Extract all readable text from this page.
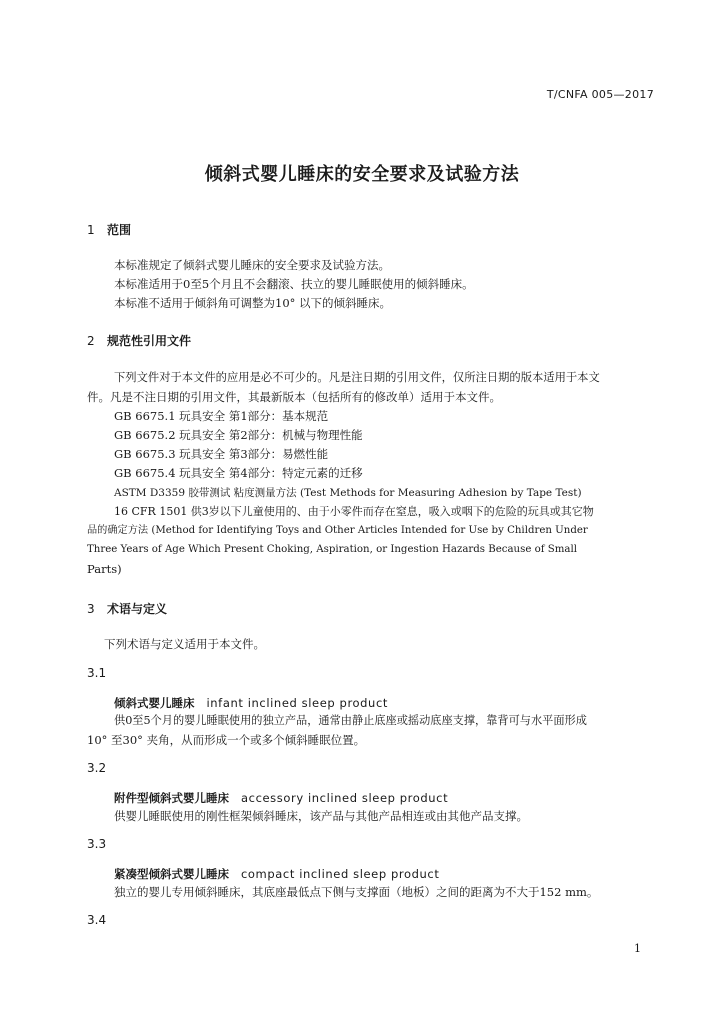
T/CNFA 005—2017
倾斜式婴儿睡床的安全要求及试验方法
1 范围
本标准规定了倾斜式婴儿睡床的安全要求及试验方法。
本标准适用于0至5个月且不会翻滚、扶立的婴儿睡眠使用的倾斜睡床。
本标准不适用于倾斜角可调整为10° 以下的倾斜睡床。
2 规范性引用文件
下列文件对于本文件的应用是必不可少的。凡是注日期的引用文件，仅所注日期的版本适用于本文
件。凡是不注日期的引用文件，其最新版本（包括所有的修改单）适用于本文件。
GB 6675.1 玩具安全 第1部分：基本规范
GB 6675.2 玩具安全 第2部分：机械与物理性能
GB 6675.3 玩具安全 第3部分：易燃性能
GB 6675.4 玩具安全 第4部分：特定元素的迁移
ASTM D3359 胶带测试 粘度测量方法 (Test Methods for Measuring Adhesion by Tape Test)
16 CFR 1501 供3岁以下儿童使用的、由于小零件而存在窒息，吸入或咽下的危险的玩具或其它物
品的确定方法 (Method for Identifying Toys and Other Articles Intended for Use by Children Under
Three Years of Age Which Present Choking, Aspiration, or Ingestion Hazards Because of Small
Parts)
3 术语与定义
下列术语与定义适用于本文件。
3.1
倾斜式婴儿睡床 infant inclined sleep product
供0至5个月的婴儿睡眠使用的独立产品，通常由静止底座或摇动底座支撑，靠背可与水平面形成
10° 至30° 夹角，从而形成一个或多个倾斜睡眠位置。
3.2
附件型倾斜式婴儿睡床 accessory inclined sleep product
供婴儿睡眠使用的刚性框架倾斜睡床，该产品与其他产品相连或由其他产品支撑。
3.3
紧凑型倾斜式婴儿睡床 compact inclined sleep product
独立的婴儿专用倾斜睡床，其底座最低点下侧与支撑面（地板）之间的距离为不大于152 mm。
3.4
1
